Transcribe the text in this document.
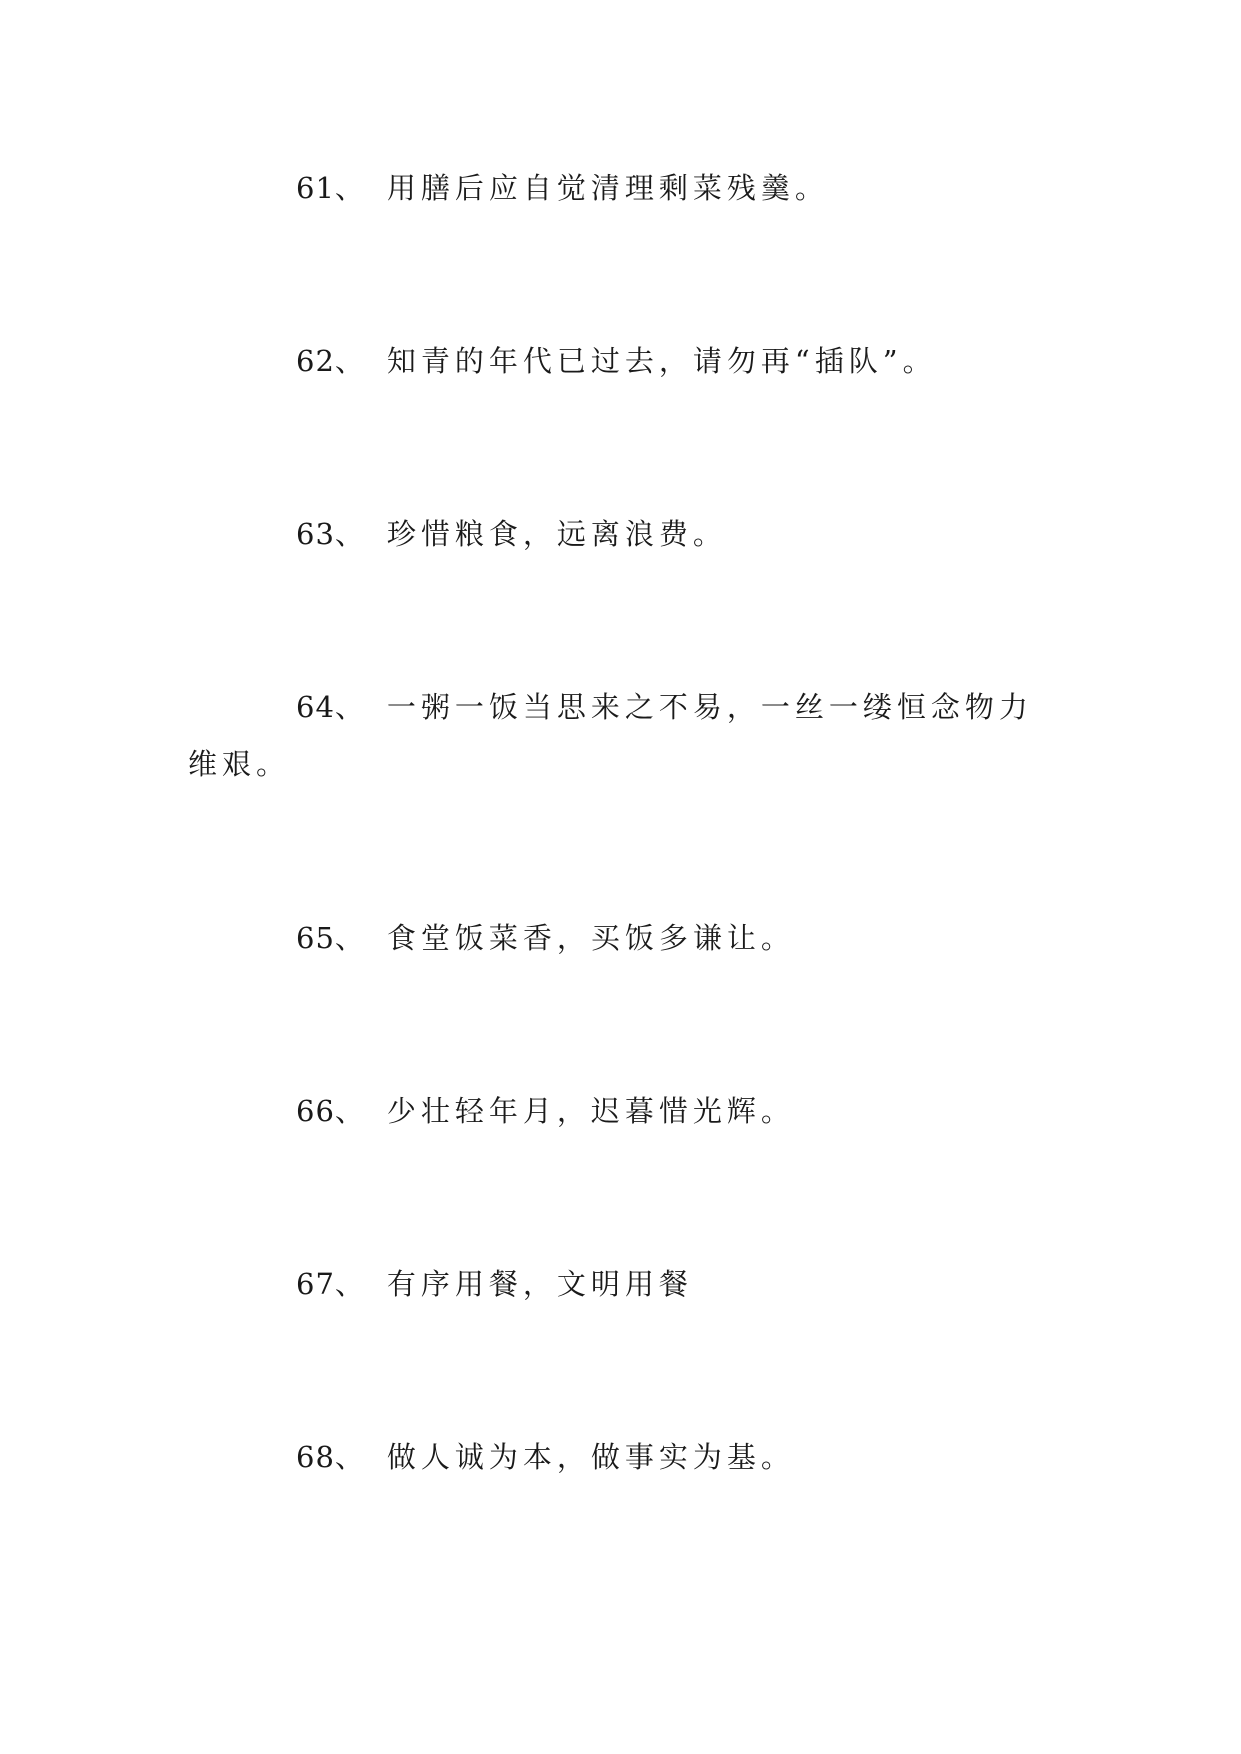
61、 用膳后应自觉清理剩菜残羹。

62、 知青的年代已过去，请勿再“插队”。

63、 珍惜粮食，远离浪费。

64、 一粥一饭当思来之不易，一丝一缕恒念物力维艰。

65、 食堂饭菜香，买饭多谦让。

66、 少壮轻年月，迟暮惜光辉。

67、 有序用餐，文明用餐

68、 做人诚为本，做事实为基。
